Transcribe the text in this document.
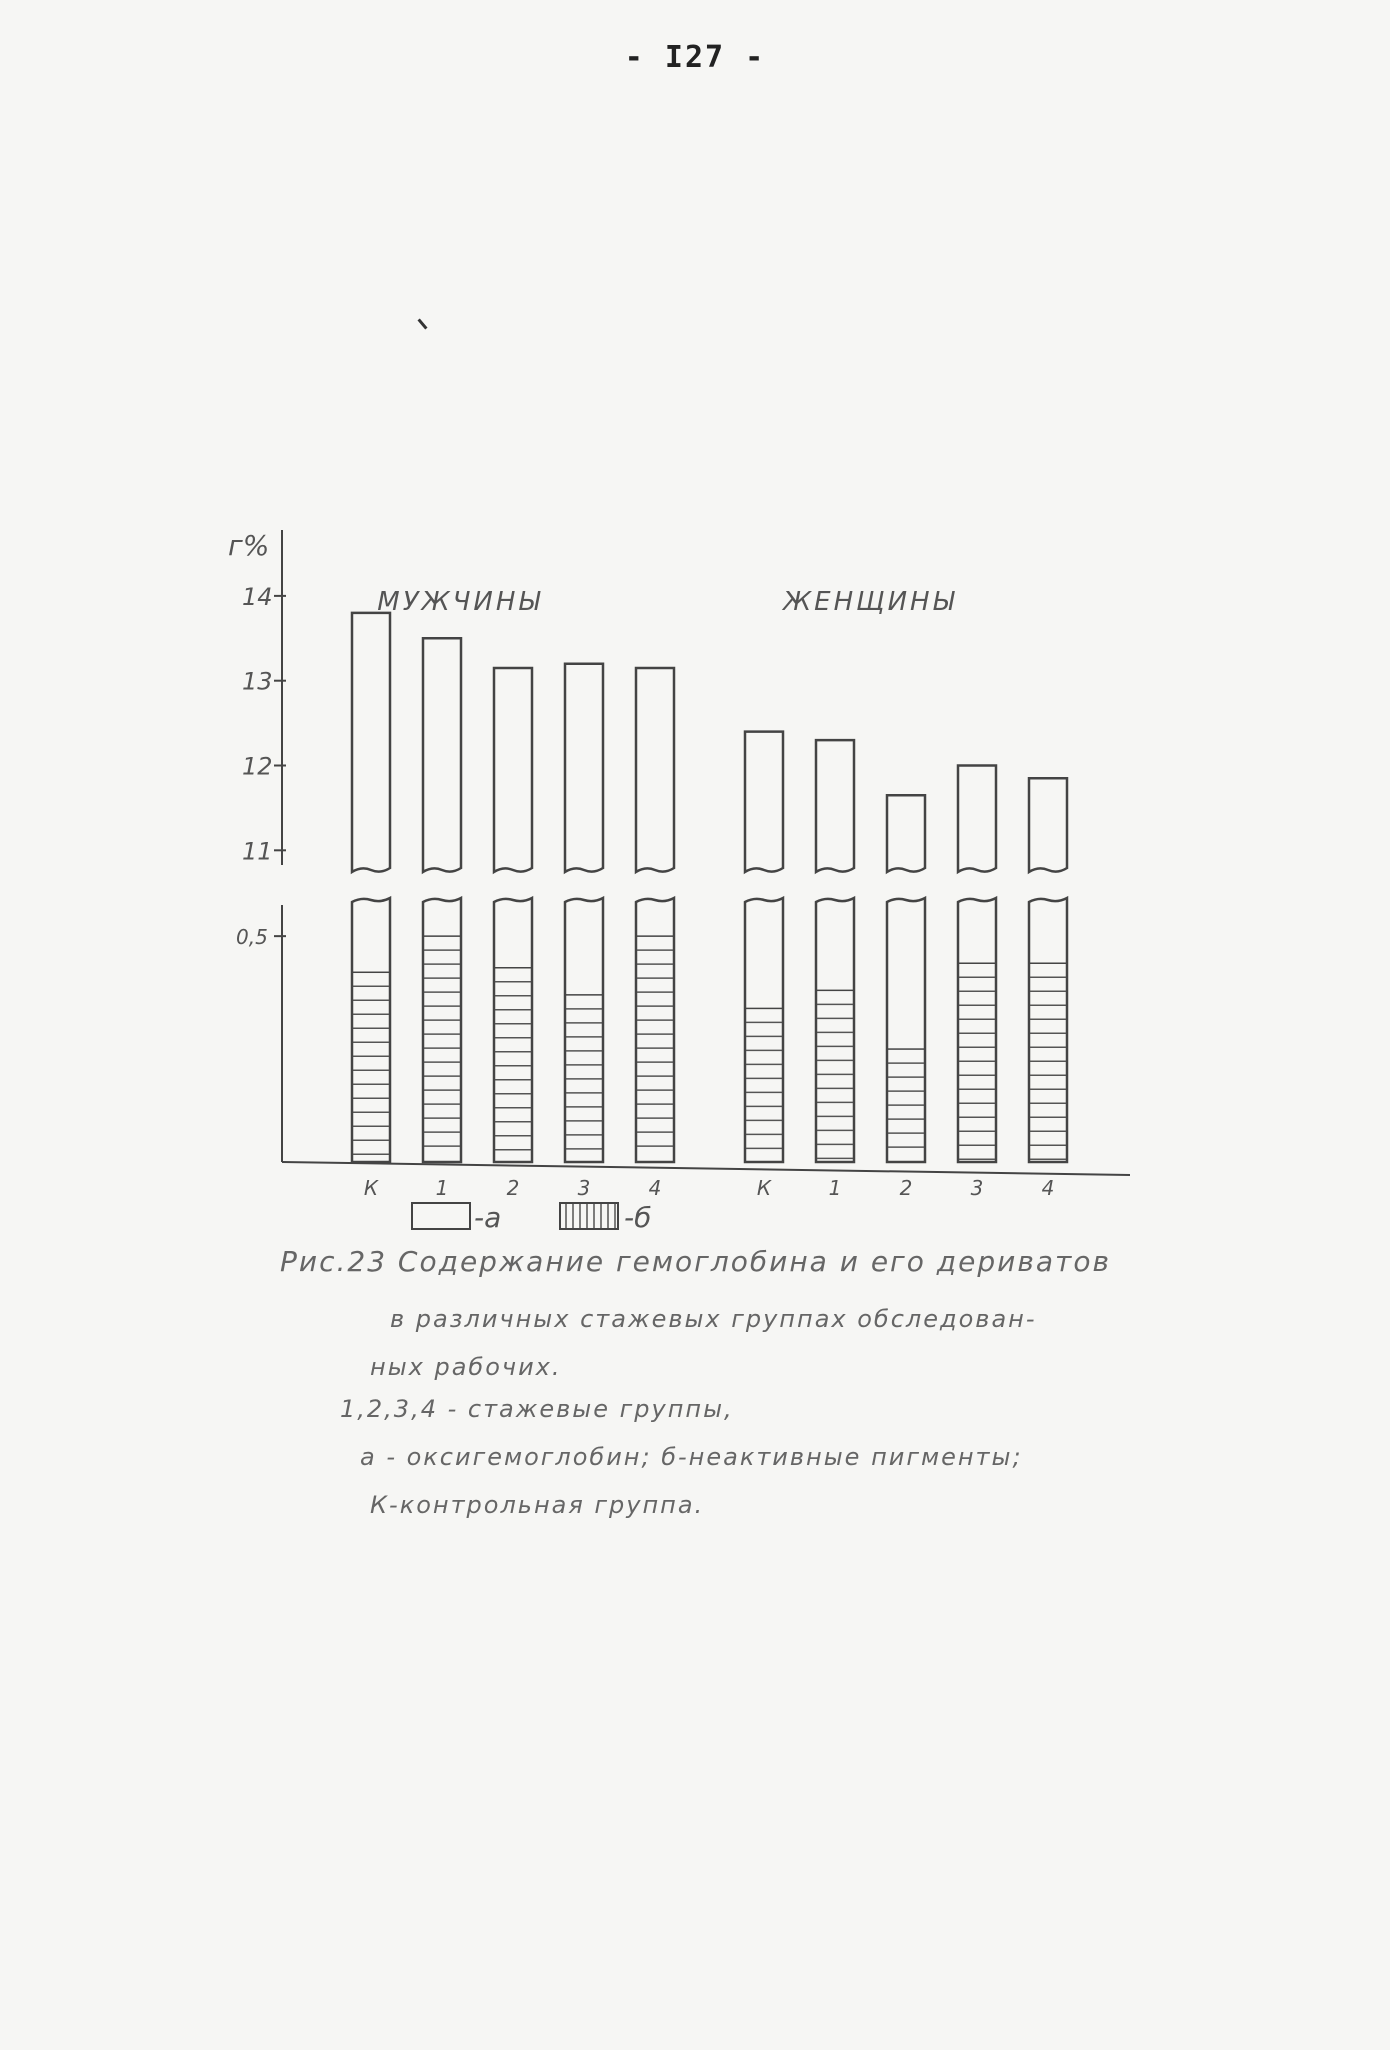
- I27 -
г%
14
13
12
11
0,5
МУЖЧИНЫ
К	1	2	3	4
ЖЕНЩИНЫ
К	1	2	3	4
-а	-б
Рис.23 Содержание гемоглобина и его дериватов
в различных стажевых группах обследован-
ных рабочих.
1,2,3,4 - стажевые группы,
а - оксигемоглобин; б-неактивные пигменты;
К-контрольная группа.
